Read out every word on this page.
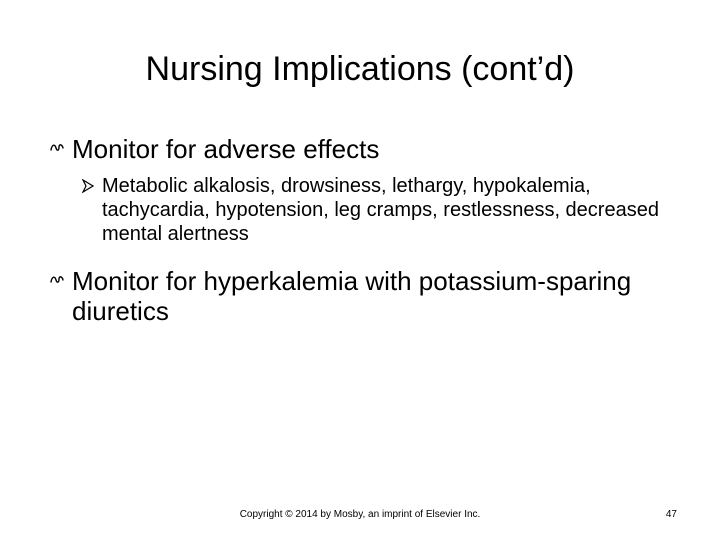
Nursing Implications (cont’d)
Monitor for adverse effects
Metabolic alkalosis, drowsiness, lethargy, hypokalemia, tachycardia, hypotension, leg cramps, restlessness, decreased mental alertness
Monitor for hyperkalemia with potassium-sparing diuretics
Copyright © 2014 by Mosby, an imprint of Elsevier Inc.	47
